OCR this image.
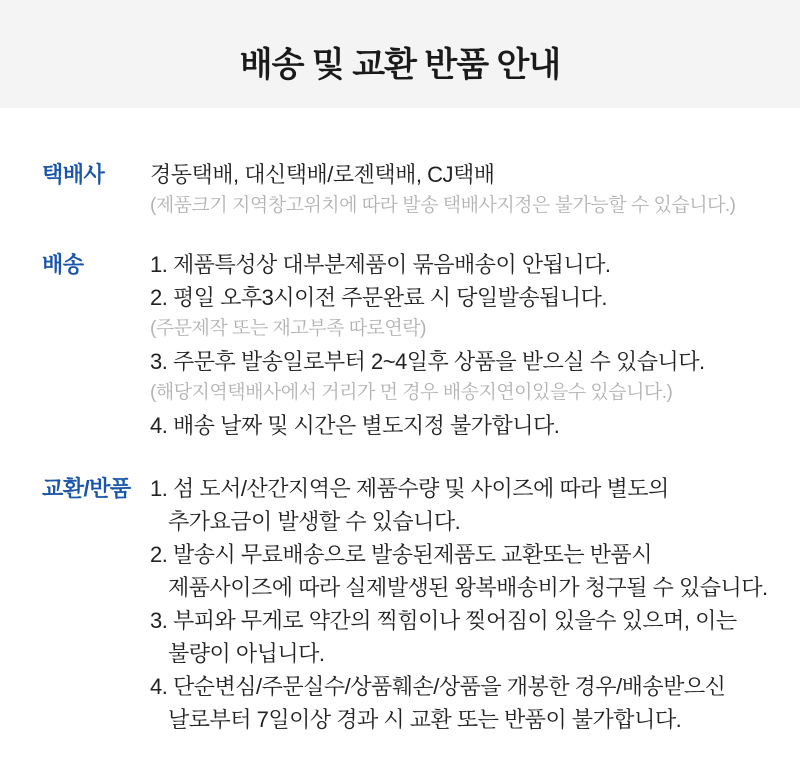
배송 및 교환 반품 안내
택배사	경동택배, 대신택배/로젠택배, CJ택배
(제품크기 지역창고위치에 따라 발송 택배사지정은 불가능할 수 있습니다.)
배송	1. 제품특성상 대부분제품이 묶음배송이 안됩니다.
2. 평일 오후3시이전 주문완료 시 당일발송됩니다.
(주문제작 또는 재고부족 따로연락)
3. 주문후 발송일로부터 2~4일후 상품을 받으실 수 있습니다.
(해당지역택배사에서 거리가 먼 경우 배송지연이있을수 있습니다.)
4. 배송 날짜 및 시간은 별도지정 불가합니다.
교환/반품 1. 섬 도서/산간지역은 제품수량 및 사이즈에 따라 별도의
추가요금이 발생할 수 있습니다.
2. 발송시 무료배송으로 발송된제품도 교환또는 반품시
제품사이즈에 따라 실제발생된 왕복배송비가 청구될 수 있습니다.
3. 부피와 무게로 약간의 찍힘이나 찢어짐이 있을수 있으며, 이는
불량이 아닙니다.
4. 단순변심/주문실수/상품훼손/상품을 개봉한 경우/배송받으신
날로부터 7일이상 경과 시 교환 또는 반품이 불가합니다.
